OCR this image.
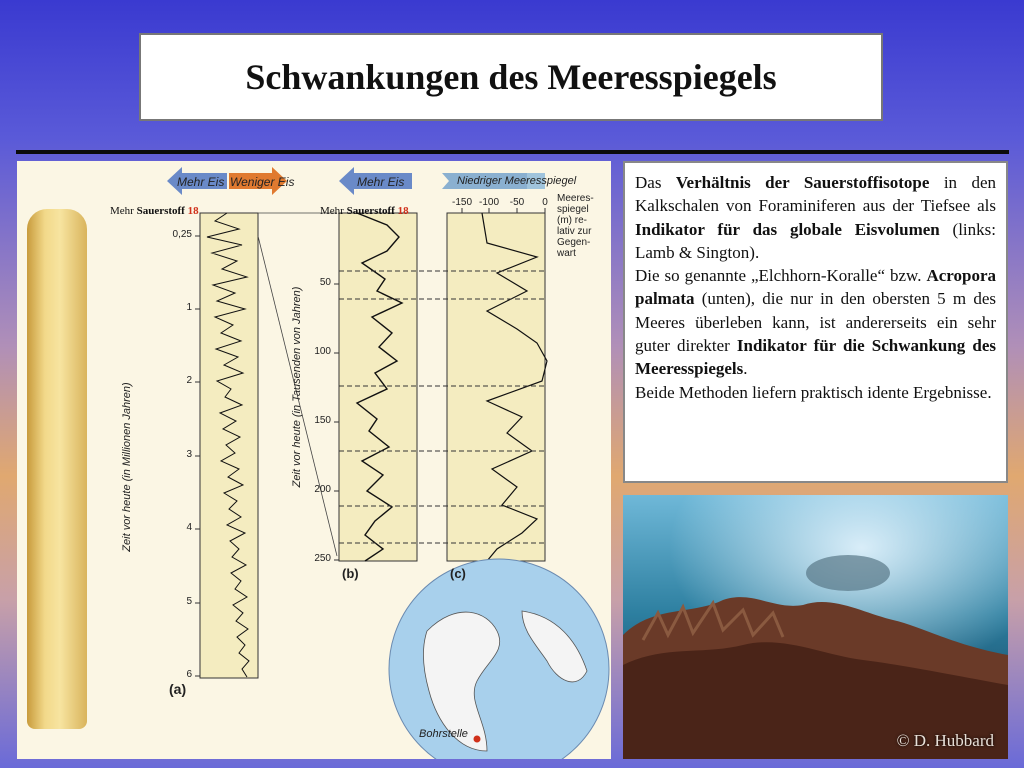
Schwankungen des Meeresspiegels
Mehr Eis Weniger Eis	Mehr Eis	Niedriger Meeresspiegel
Mehr Sauerstoff 18	Mehr Sauerstoff 18
0,25
1
2
3
4
5
6
Zeit vor heute (in Millionen Jahren)
(a)
50
100
150
200
250
Zeit vor heute (in Tausenden von Jahren)
(b)
-150 -100	-50	0 Meeres-
spiegel
(m) re-
lativ zur
Gegen-
wart
(c)
Bohrstelle

Das Verhältnis der Sauerstoffisotope in den Kalkschalen von Foraminiferen aus der Tiefsee als Indikator für das globale Eisvolumen (links: Lamb & Sington).

Die so genannte „Elchhorn-Koralle“ bzw. Acropora palmata (unten), die nur in den obersten 5 m des Meeres überleben kann, ist andererseits ein sehr guter direkter Indikator für die Schwankung des Meeresspiegels.

Beide Methoden liefern praktisch idente Ergebnisse.

© D. Hubbard
